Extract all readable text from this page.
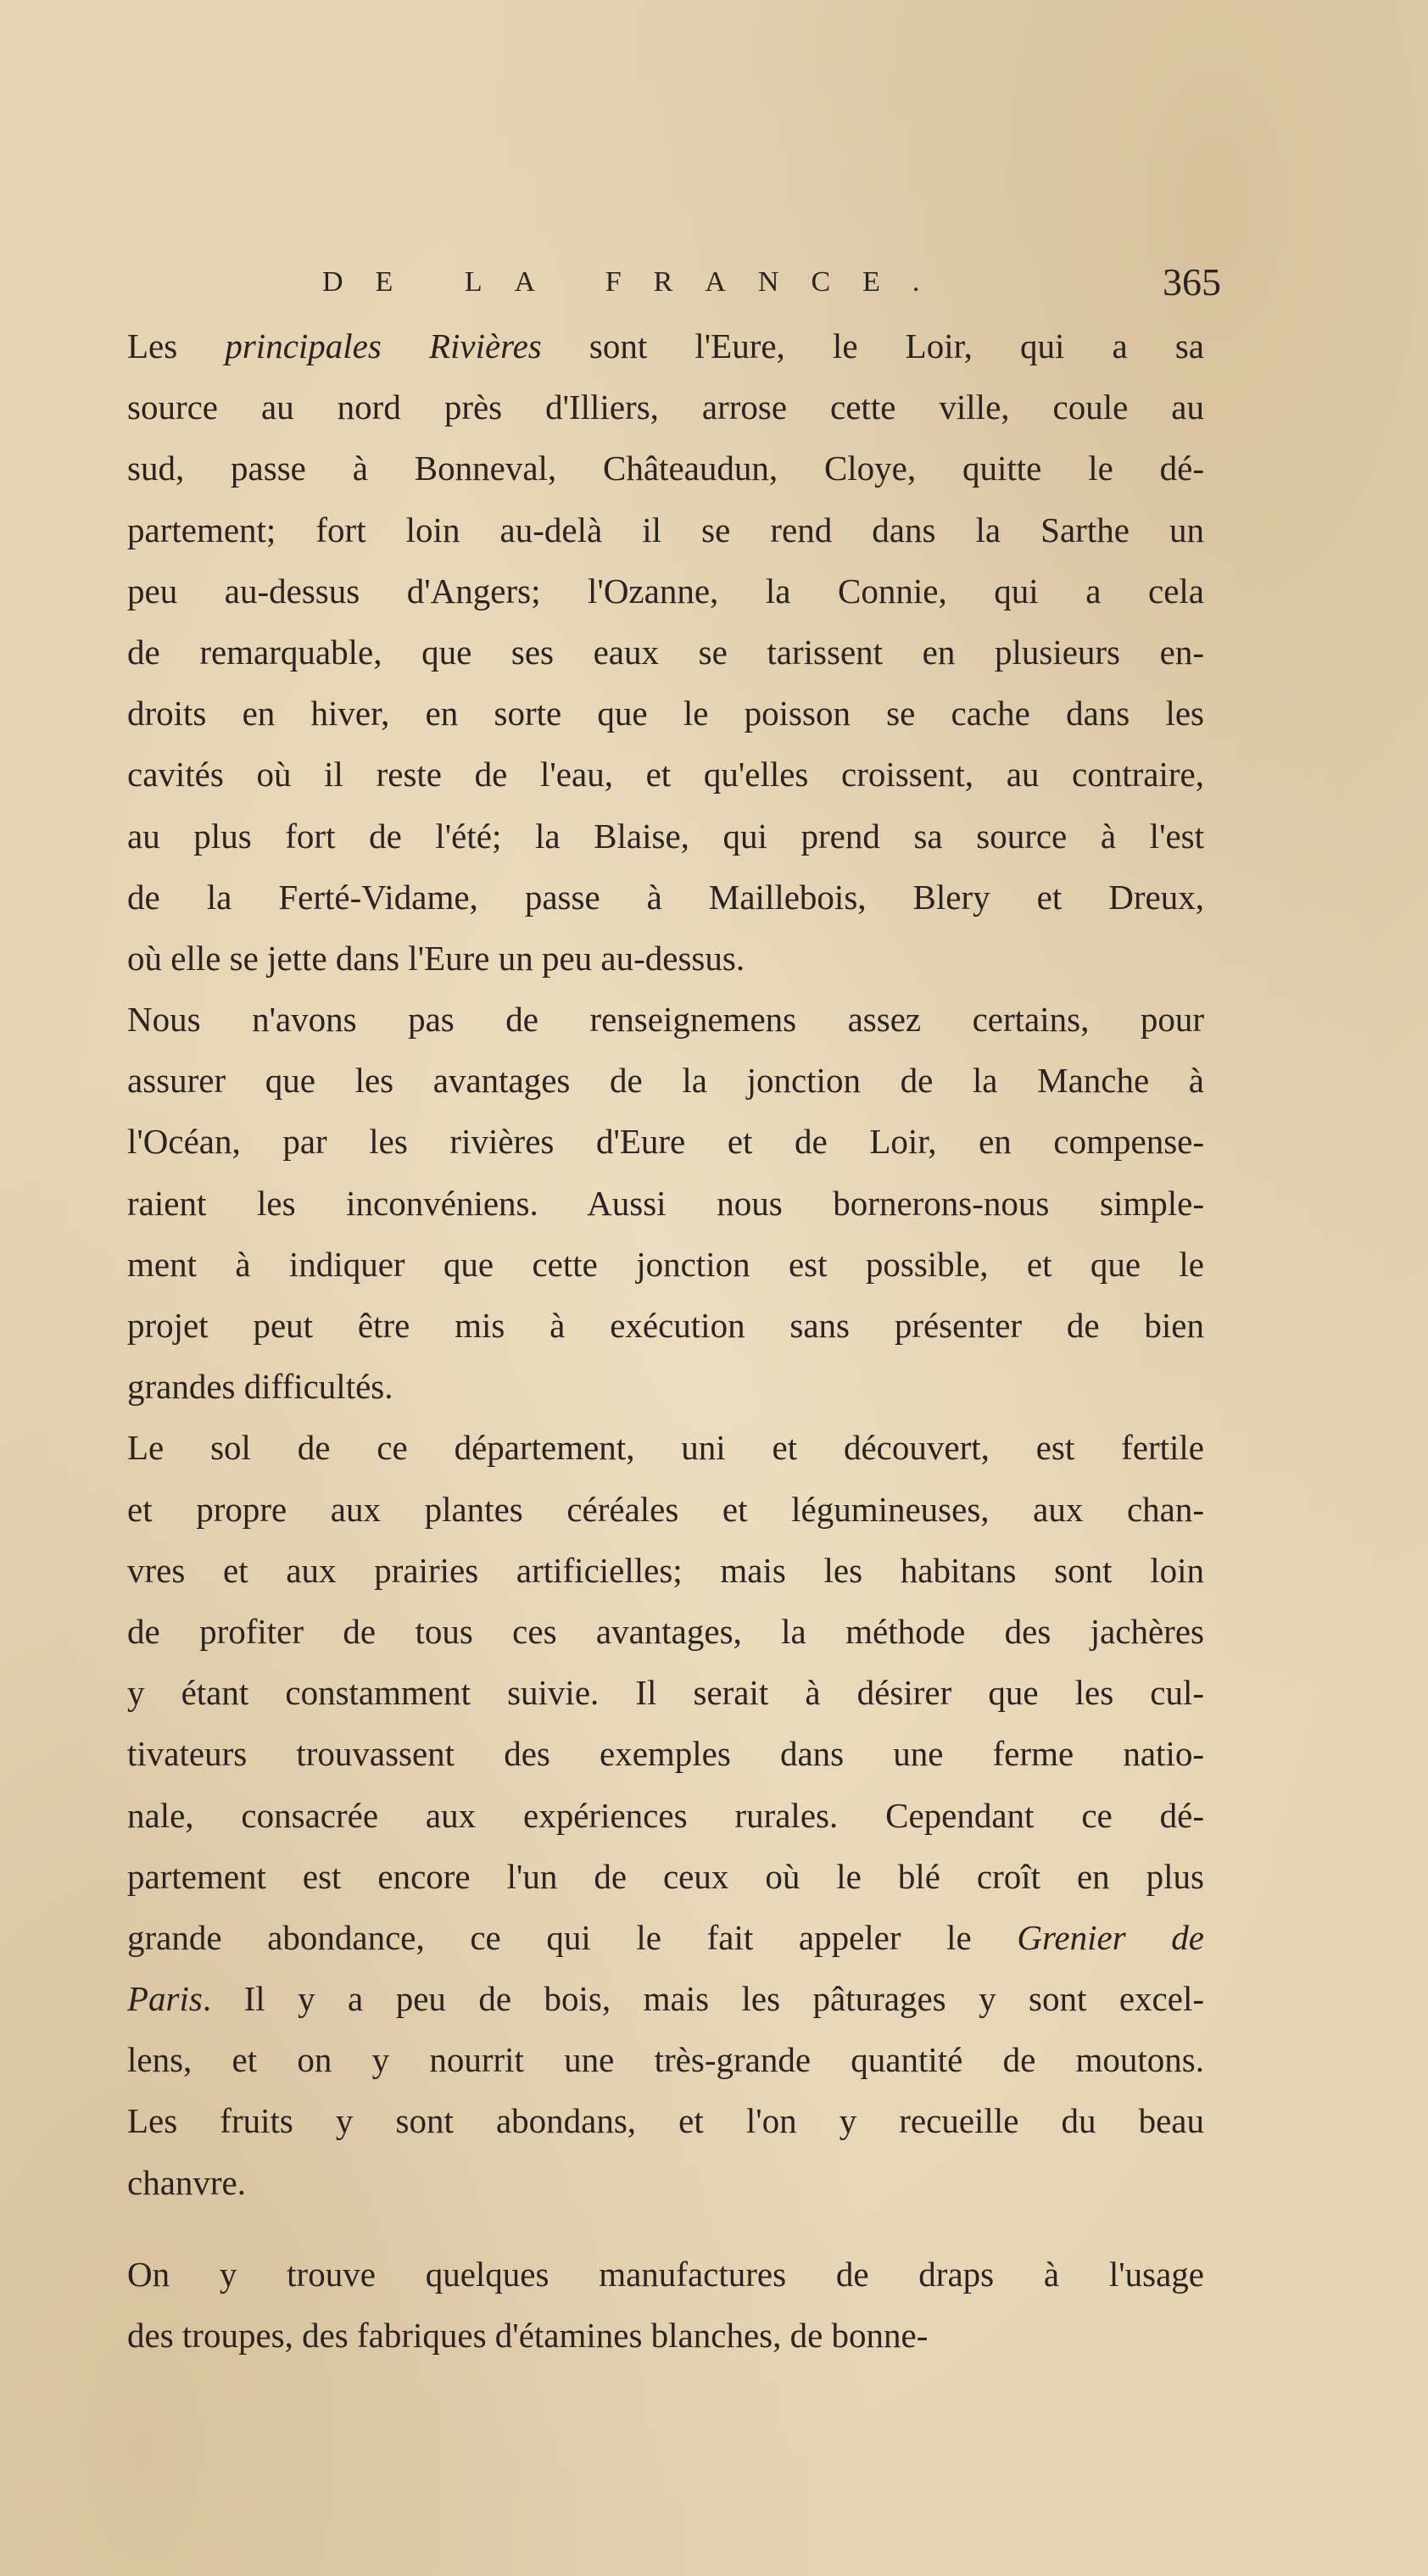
DE LA FRANCE.	365
Les principales Rivières sont l'Eure, le Loir, qui a sa
source au nord près d'Illiers, arrose cette ville, coule au
sud, passe à Bonneval, Châteaudun, Cloye, quitte le dé-
partement; fort loin au-delà il se rend dans la Sarthe un
peu au-dessus d'Angers; l'Ozanne, la Connie, qui a cela
de remarquable, que ses eaux se tarissent en plusieurs en-
droits en hiver, en sorte que le poisson se cache dans les
cavités où il reste de l'eau, et qu'elles croissent, au contraire,
au plus fort de l'été; la Blaise, qui prend sa source à l'est
de la Ferté-Vidame, passe à Maillebois, Blery et Dreux,
où elle se jette dans l'Eure un peu au-dessus.
Nous n'avons pas de renseignemens assez certains, pour
assurer que les avantages de la jonction de la Manche à
l'Océan, par les rivières d'Eure et de Loir, en compense-
raient les inconvéniens. Aussi nous bornerons-nous simple-
ment à indiquer que cette jonction est possible, et que le
projet peut être mis à exécution sans présenter de bien
grandes difficultés.
Le sol de ce département, uni et découvert, est fertile
et propre aux plantes céréales et légumineuses, aux chan-
vres et aux prairies artificielles; mais les habitans sont loin
de profiter de tous ces avantages, la méthode des jachères
y étant constamment suivie. Il serait à désirer que les cul-
tivateurs trouvassent des exemples dans une ferme natio-
nale, consacrée aux expériences rurales. Cependant ce dé-
partement est encore l'un de ceux où le blé croît en plus
grande abondance, ce qui le fait appeler le Grenier de
Paris. Il y a peu de bois, mais les pâturages y sont excel-
lens, et on y nourrit une très-grande quantité de moutons.
Les fruits y sont abondans, et l'on y recueille du beau
chanvre.
On y trouve quelques manufactures de draps à l'usage
des troupes, des fabriques d'étamines blanches, de bonne-
